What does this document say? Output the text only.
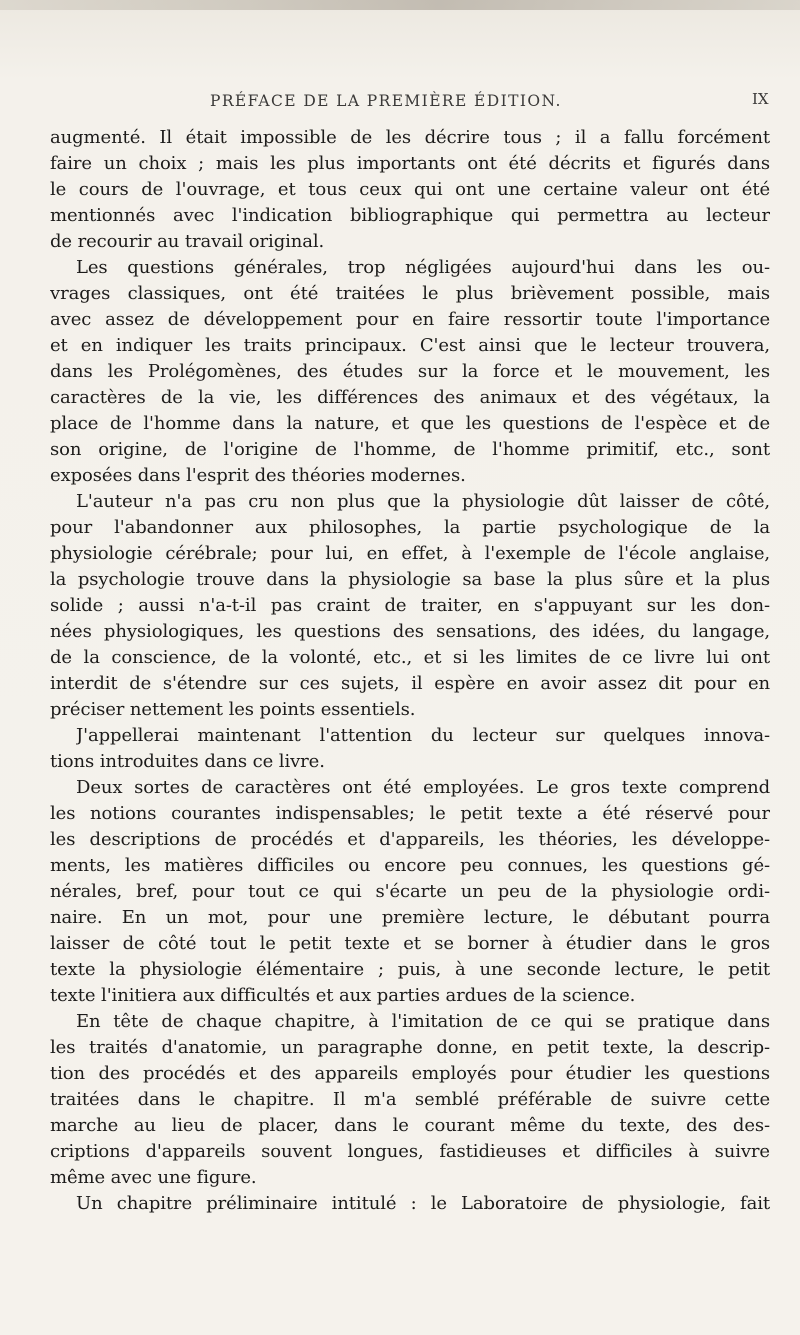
PRÉFACE DE LA PREMIÈRE ÉDITION.	IX
augmenté. Il était impossible de les décrire tous ; il a fallu forcément
faire un choix ; mais les plus importants ont été décrits et figurés dans
le cours de l'ouvrage, et tous ceux qui ont une certaine valeur ont été
mentionnés avec l'indication bibliographique qui permettra au lecteur
de recourir au travail original.
Les questions générales, trop négligées aujourd'hui dans les ou-
vrages classiques, ont été traitées le plus brièvement possible, mais
avec assez de développement pour en faire ressortir toute l'importance
et en indiquer les traits principaux. C'est ainsi que le lecteur trouvera,
dans les Prolégomènes, des études sur la force et le mouvement, les
caractères de la vie, les différences des animaux et des végétaux, la
place de l'homme dans la nature, et que les questions de l'espèce et de
son origine, de l'origine de l'homme, de l'homme primitif, etc., sont
exposées dans l'esprit des théories modernes.
L'auteur n'a pas cru non plus que la physiologie dût laisser de côté,
pour l'abandonner aux philosophes, la partie psychologique de la
physiologie cérébrale; pour lui, en effet, à l'exemple de l'école anglaise,
la psychologie trouve dans la physiologie sa base la plus sûre et la plus
solide ; aussi n'a-t-il pas craint de traiter, en s'appuyant sur les don-
nées physiologiques, les questions des sensations, des idées, du langage,
de la conscience, de la volonté, etc., et si les limites de ce livre lui ont
interdit de s'étendre sur ces sujets, il espère en avoir assez dit pour en
préciser nettement les points essentiels.
J'appellerai maintenant l'attention du lecteur sur quelques innova-
tions introduites dans ce livre.
Deux sortes de caractères ont été employées. Le gros texte comprend
les notions courantes indispensables; le petit texte a été réservé pour
les descriptions de procédés et d'appareils, les théories, les développe-
ments, les matières difficiles ou encore peu connues, les questions gé-
nérales, bref, pour tout ce qui s'écarte un peu de la physiologie ordi-
naire. En un mot, pour une première lecture, le débutant pourra
laisser de côté tout le petit texte et se borner à étudier dans le gros
texte la physiologie élémentaire ; puis, à une seconde lecture, le petit
texte l'initiera aux difficultés et aux parties ardues de la science.
En tête de chaque chapitre, à l'imitation de ce qui se pratique dans
les traités d'anatomie, un paragraphe donne, en petit texte, la descrip-
tion des procédés et des appareils employés pour étudier les questions
traitées dans le chapitre. Il m'a semblé préférable de suivre cette
marche au lieu de placer, dans le courant même du texte, des des-
criptions d'appareils souvent longues, fastidieuses et difficiles à suivre
même avec une figure.
Un chapitre préliminaire intitulé : le Laboratoire de physiologie, fait
